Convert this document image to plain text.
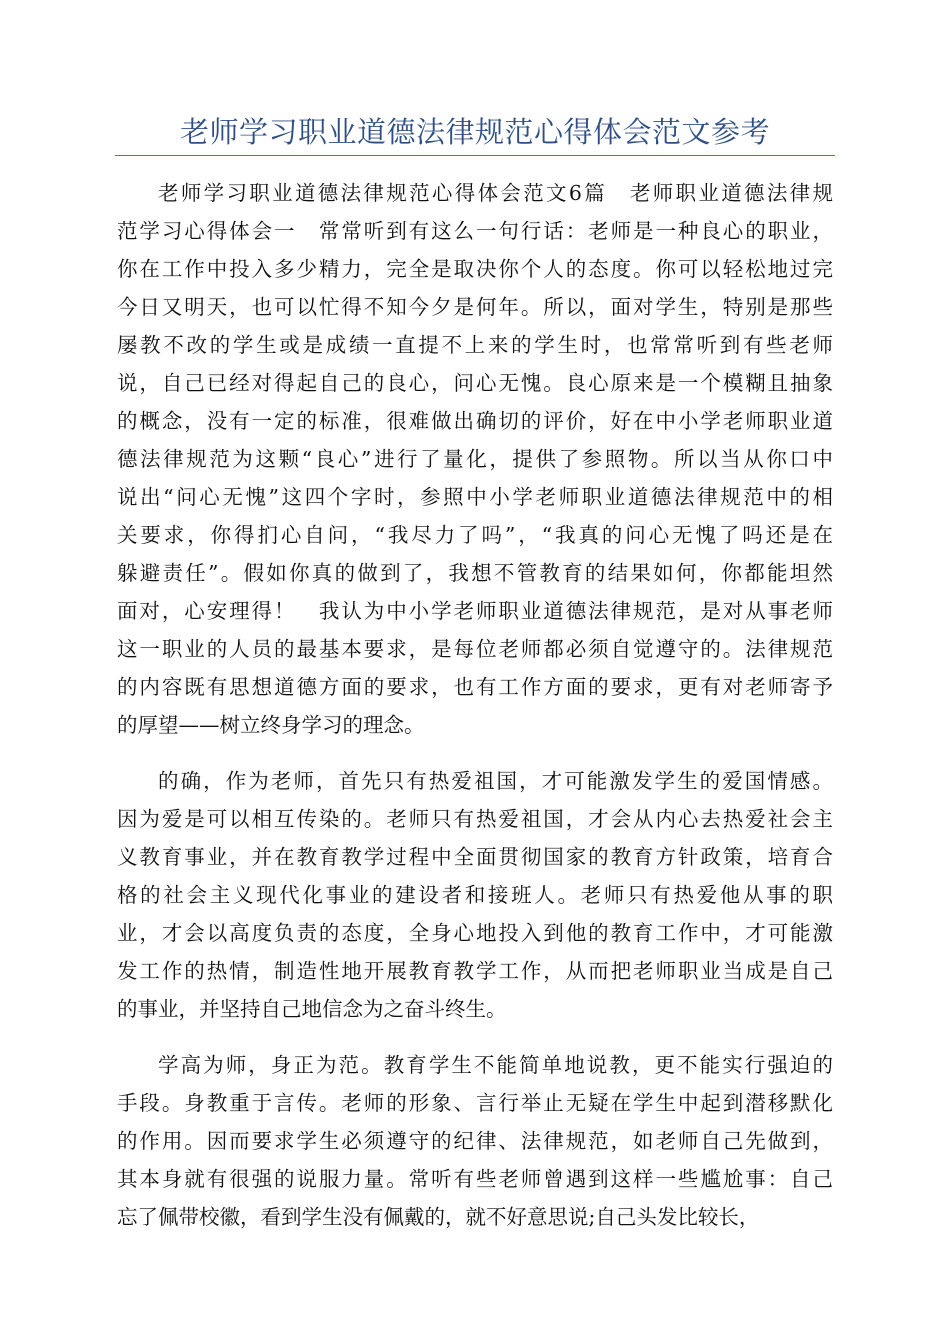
老师学习职业道德法律规范心得体会范文参考
老师学习职业道德法律规范心得体会范文6篇　老师职业道德法律规
范学习心得体会一　常常听到有这么一句行话：老师是一种良心的职业，
你在工作中投入多少精力，完全是取决你个人的态度。你可以轻松地过完
今日又明天，也可以忙得不知今夕是何年。所以，面对学生，特别是那些
屡教不改的学生或是成绩一直提不上来的学生时，也常常听到有些老师
说，自己已经对得起自己的良心，问心无愧。良心原来是一个模糊且抽象
的概念，没有一定的标准，很难做出确切的评价，好在中小学老师职业道
德法律规范为这颗“良心”进行了量化，提供了参照物。所以当从你口中
说出“问心无愧”这四个字时，参照中小学老师职业道德法律规范中的相
关要求，你得扪心自问，“我尽力了吗”，“我真的问心无愧了吗还是在
躲避责任”。假如你真的做到了，我想不管教育的结果如何，你都能坦然
面对，心安理得！　我认为中小学老师职业道德法律规范，是对从事老师
这一职业的人员的最基本要求，是每位老师都必须自觉遵守的。法律规范
的内容既有思想道德方面的要求，也有工作方面的要求，更有对老师寄予
的厚望——树立终身学习的理念。
的确，作为老师，首先只有热爱祖国，才可能激发学生的爱国情感。
因为爱是可以相互传染的。老师只有热爱祖国，才会从内心去热爱社会主
义教育事业，并在教育教学过程中全面贯彻国家的教育方针政策，培育合
格的社会主义现代化事业的建设者和接班人。老师只有热爱他从事的职
业，才会以高度负责的态度，全身心地投入到他的教育工作中，才可能激
发工作的热情，制造性地开展教育教学工作，从而把老师职业当成是自己
的事业，并坚持自己地信念为之奋斗终生。
学高为师，身正为范。教育学生不能简单地说教，更不能实行强迫的
手段。身教重于言传。老师的形象、言行举止无疑在学生中起到潜移默化
的作用。因而要求学生必须遵守的纪律、法律规范，如老师自己先做到，
其本身就有很强的说服力量。常听有些老师曾遇到这样一些尴尬事：自己
忘了佩带校徽，看到学生没有佩戴的，就不好意思说;自己头发比较长，
